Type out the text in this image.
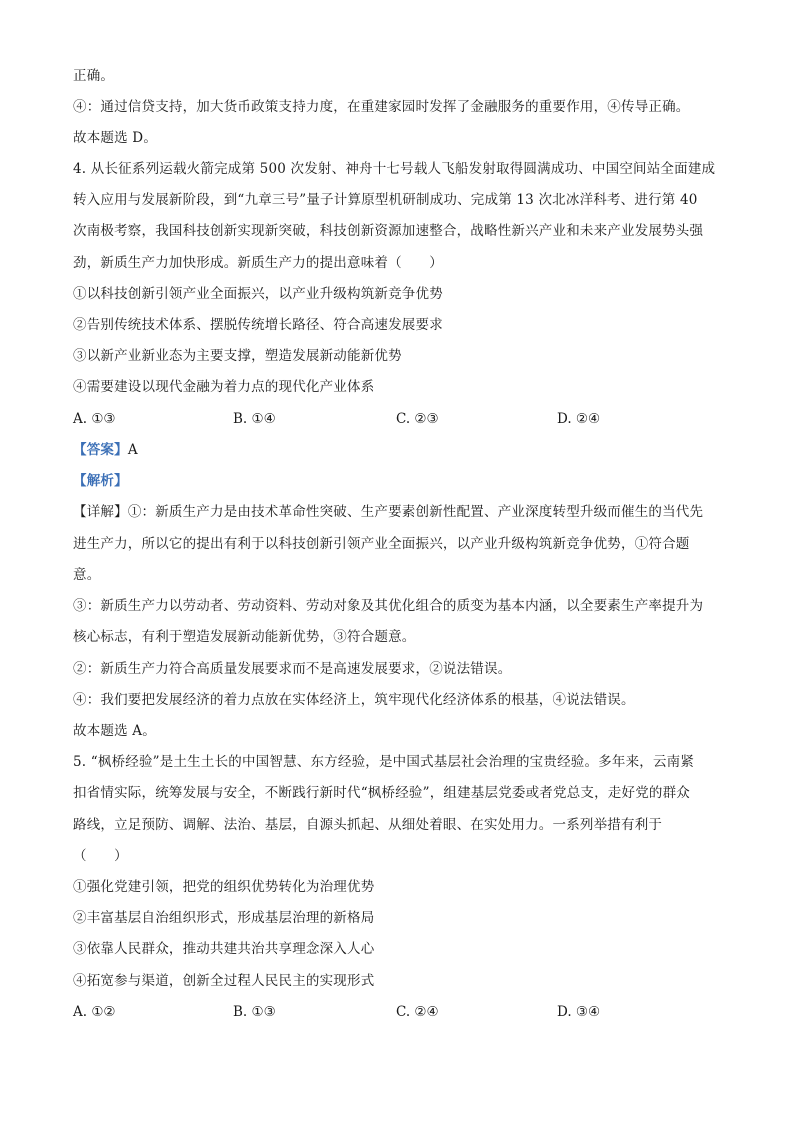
正确。
④：通过信贷支持，加大货币政策支持力度，在重建家园时发挥了金融服务的重要作用，④传导正确。
故本题选 D。
4. 从长征系列运载火箭完成第 500 次发射、神舟十七号载人飞船发射取得圆满成功、中国空间站全面建成
转入应用与发展新阶段，到“九章三号”量子计算原型机研制成功、完成第 13 次北冰洋科考、进行第 40
次南极考察，我国科技创新实现新突破，科技创新资源加速整合，战略性新兴产业和未来产业发展势头强
劲，新质生产力加快形成。新质生产力的提出意味着（　　）
①以科技创新引领产业全面振兴，以产业升级构筑新竞争优势
②告别传统技术体系、摆脱传统增长路径、符合高速发展要求
③以新产业新业态为主要支撑，塑造发展新动能新优势
④需要建设以现代金融为着力点的现代化产业体系
A. ①③	B. ①④	C. ②③	D. ②④
【答案】A
【解析】
【详解】①：新质生产力是由技术革命性突破、生产要素创新性配置、产业深度转型升级而催生的当代先
进生产力，所以它的提出有利于以科技创新引领产业全面振兴，以产业升级构筑新竞争优势，①符合题
意。
③：新质生产力以劳动者、劳动资料、劳动对象及其优化组合的质变为基本内涵，以全要素生产率提升为
核心标志，有利于塑造发展新动能新优势，③符合题意。
②：新质生产力符合高质量发展要求而不是高速发展要求，②说法错误。
④：我们要把发展经济的着力点放在实体经济上，筑牢现代化经济体系的根基，④说法错误。
故本题选 A。
5. “枫桥经验”是土生土长的中国智慧、东方经验，是中国式基层社会治理的宝贵经验。多年来，云南紧
扣省情实际，统筹发展与安全，不断践行新时代“枫桥经验”，组建基层党委或者党总支，走好党的群众
路线，立足预防、调解、法治、基层，自源头抓起、从细处着眼、在实处用力。一系列举措有利于
（　　）
①强化党建引领，把党的组织优势转化为治理优势
②丰富基层自治组织形式，形成基层治理的新格局
③依靠人民群众，推动共建共治共享理念深入人心
④拓宽参与渠道，创新全过程人民民主的实现形式
A. ①②	B. ①③	C. ②④	D. ③④
